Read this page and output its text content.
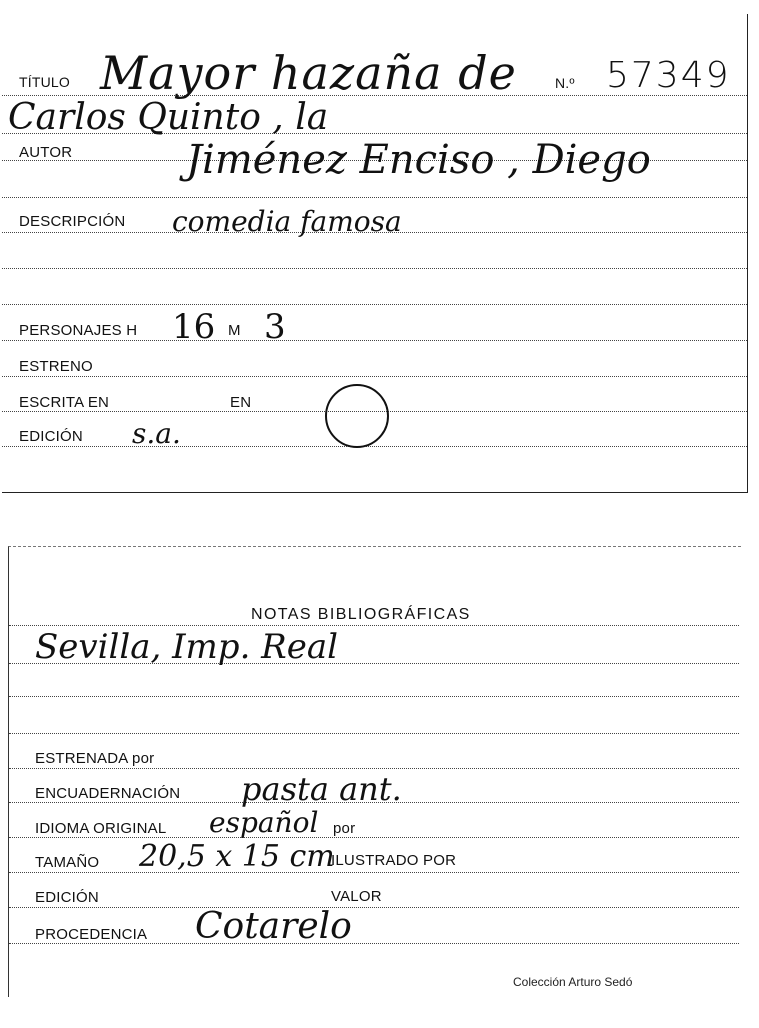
TÍTULO Mayor hazaña de	N.º 57349
Carlos Quinto , la
AUTOR	Jiménez Enciso , Diego
DESCRIPCIÓN comedia famosa
PERSONAJES H 16 M 3
ESTRENO
ESCRITA EN	EN
EDICIÓN s.a.
NOTAS BIBLIOGRÁFICAS
Sevilla, Imp. Real
ESTRENADA por
ENCUADERNACIÓN pasta ant.
IDIOMA ORIGINAL español por
TAMAÑO 20,5 x 15 cm
ILUSTRADO POR
EDICIÓN	VALOR
PROCEDENCIA Cotarelo
Colección Arturo Sedó
